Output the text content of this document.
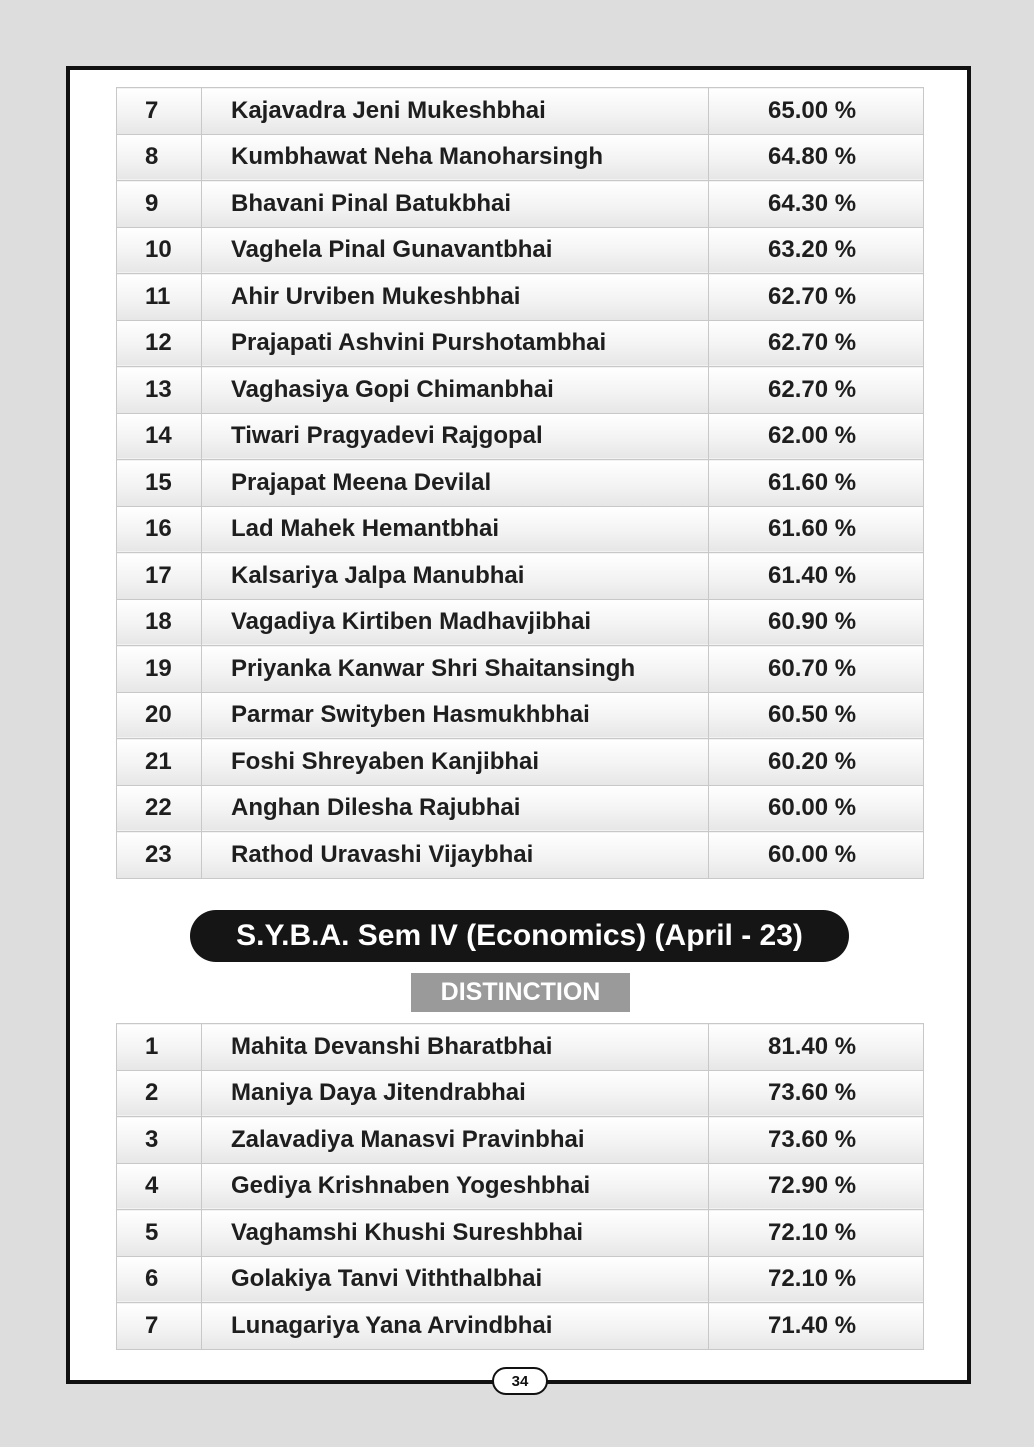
7	Kajavadra Jeni Mukeshbhai	65.00 %
8	Kumbhawat Neha Manoharsingh	64.80 %
9	Bhavani Pinal Batukbhai	64.30 %
10	Vaghela Pinal Gunavantbhai	63.20 %
11	Ahir Urviben Mukeshbhai	62.70 %
12	Prajapati Ashvini Purshotambhai	62.70 %
13	Vaghasiya Gopi Chimanbhai	62.70 %
14	Tiwari Pragyadevi Rajgopal	62.00 %
15	Prajapat Meena Devilal	61.60 %
16	Lad Mahek Hemantbhai	61.60 %
17	Kalsariya Jalpa Manubhai	61.40 %
18	Vagadiya Kirtiben Madhavjibhai	60.90 %
19	Priyanka Kanwar Shri Shaitansingh	60.70 %
20	Parmar Swityben Hasmukhbhai	60.50 %
21	Foshi Shreyaben Kanjibhai	60.20 %
22	Anghan Dilesha Rajubhai	60.00 %
23	Rathod Uravashi Vijaybhai	60.00 %
S.Y.B.A. Sem IV (Economics) (April - 23)
DISTINCTION
1	Mahita Devanshi Bharatbhai	81.40 %
2	Maniya Daya Jitendrabhai	73.60 %
3	Zalavadiya Manasvi Pravinbhai	73.60 %
4	Gediya Krishnaben Yogeshbhai	72.90 %
5	Vaghamshi Khushi Sureshbhai	72.10 %
6	Golakiya Tanvi Viththalbhai	72.10 %
7	Lunagariya Yana Arvindbhai	71.40 %
34
